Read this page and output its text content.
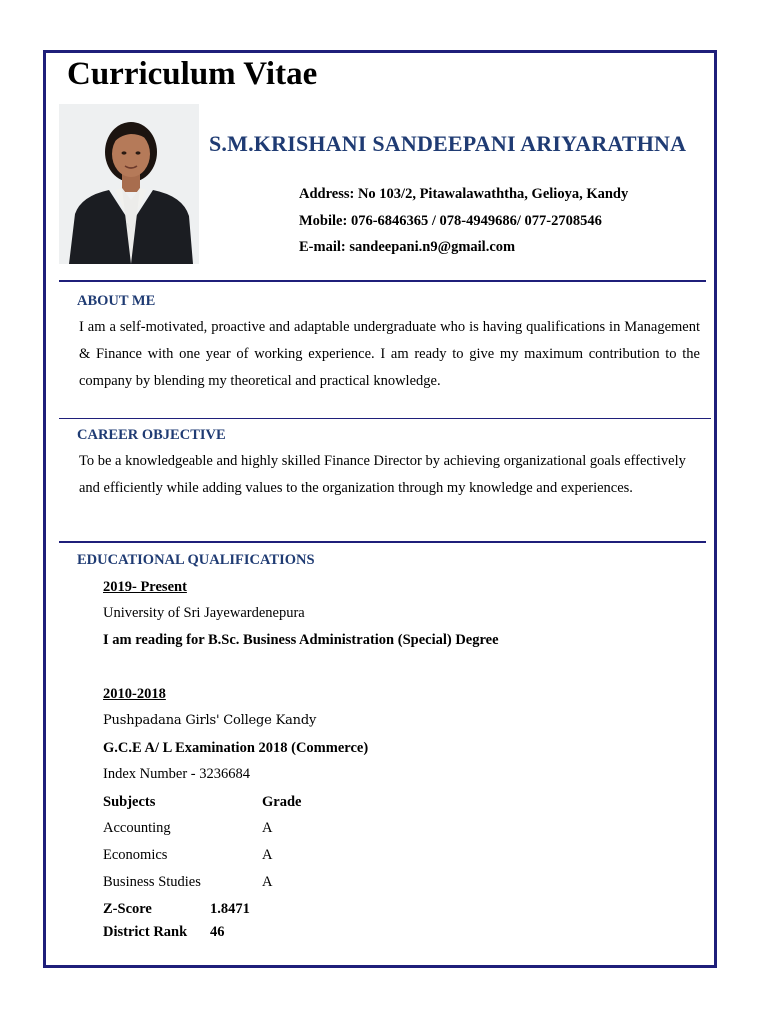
Curriculum Vitae
S.M.KRISHANI SANDEEPANI ARIYARATHNA
Address: No 103/2, Pitawalawaththa, Gelioya, Kandy
Mobile: 076-6846365 / 078-4949686/ 077-2708546
E-mail: sandeepani.n9@gmail.com
ABOUT ME
I am a self-motivated, proactive and adaptable undergraduate who is having qualifications in Management & Finance with one year of working experience. I am ready to give my maximum contribution to the company by blending my theoretical and practical knowledge.
CAREER OBJECTIVE
To be a knowledgeable and highly skilled Finance Director by achieving organizational goals effectively and efficiently while adding values to the organization through my knowledge and experiences.
EDUCATIONAL QUALIFICATIONS
2019- Present
University of Sri Jayewardenepura
I am reading for B.Sc. Business Administration (Special) Degree
2010-2018
Pushpadana Girls' College Kandy
G.C.E A/ L Examination 2018 (Commerce)
Index Number - 3236684
Subjects	Grade
Accounting	A
Economics	A
Business Studies	A
Z-Score	1.8471
District Rank 46
